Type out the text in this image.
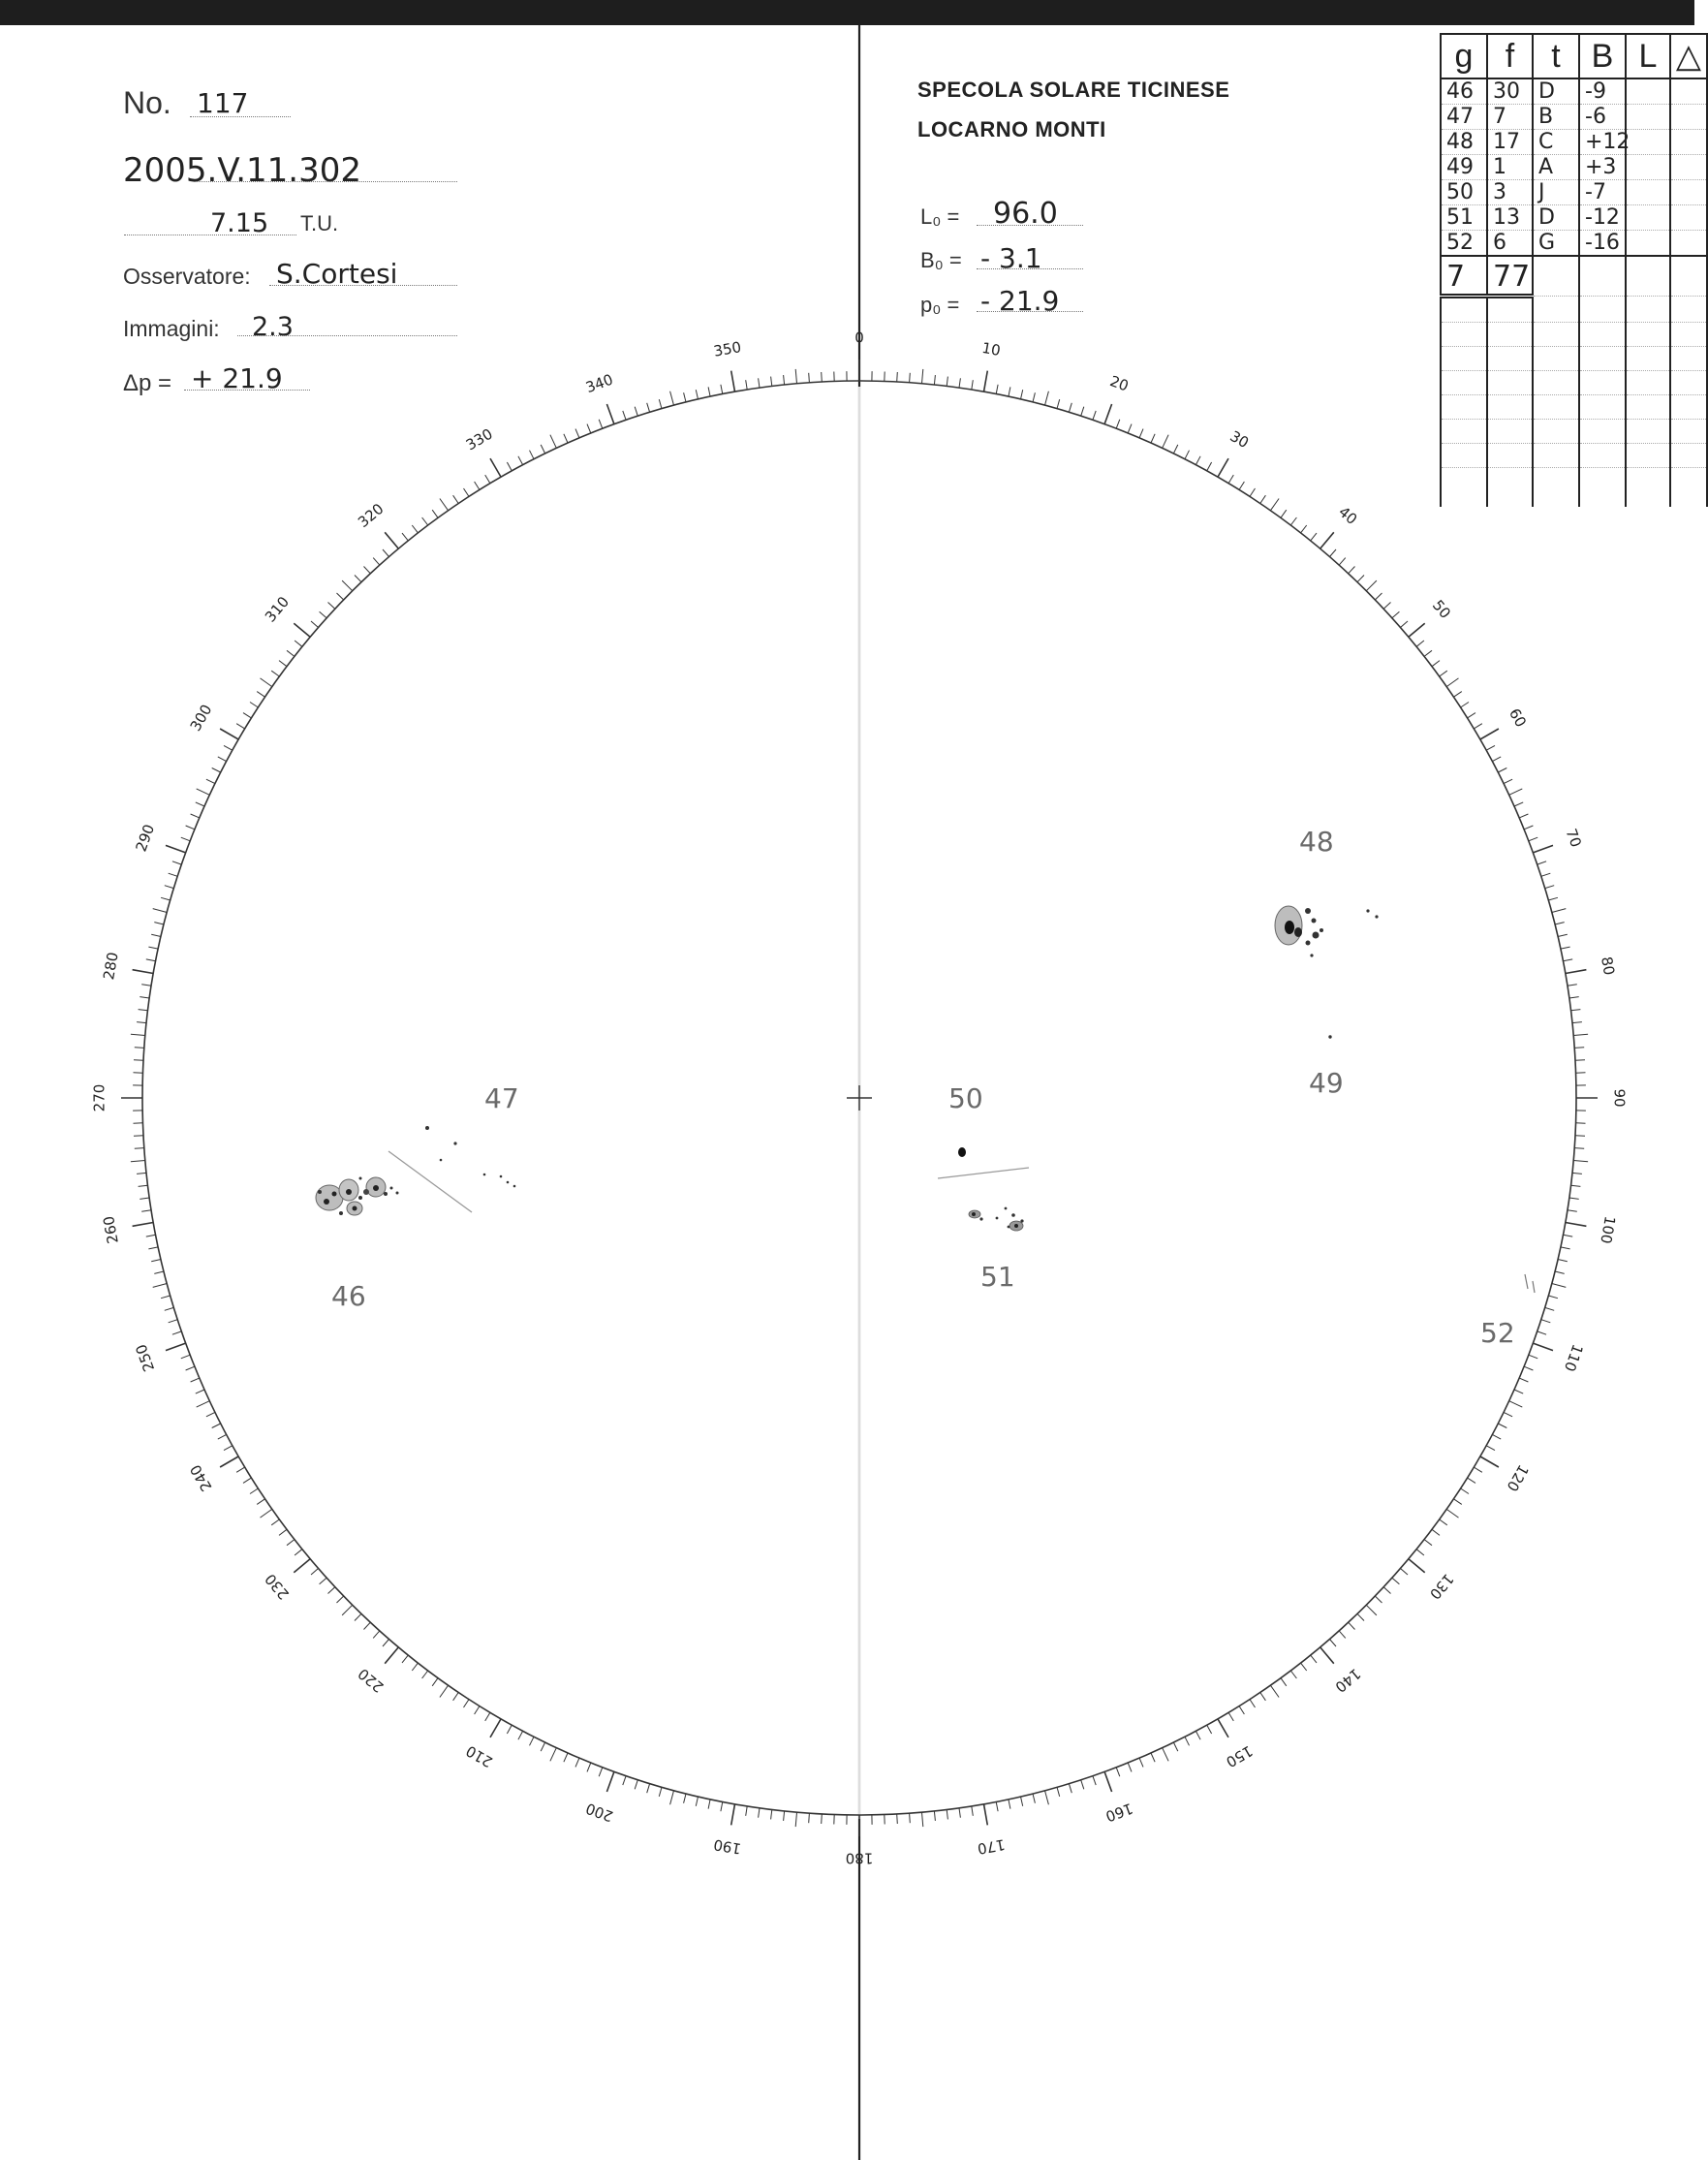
No. 117
2005.V.11.302
7.15 T.U.
Osservatore: S.Cortesi
Immagini: 2.3
Δp = + 21.9
SPECOLA SOLARE TICINESE
LOCARNO MONTI
L₀ = 96.0
B₀ = - 3.1
p₀ = - 21.9
g	f	t	B	L	△
46	30	D	-9		
47	7	B	-6		
48	17	C	+12		
49	1	A	+3		
50	3	J	-7		
51	13	D	-12		
52	6	G	-16		
7	77				

0
10
20
30
40
50
60
70
80
90
100
110
120
130
140
150
160
170
180
190
200
210
220
230
240
250
260
270
280
290
300
310
320
330
340
350
46
47
48
49
50
51
52
